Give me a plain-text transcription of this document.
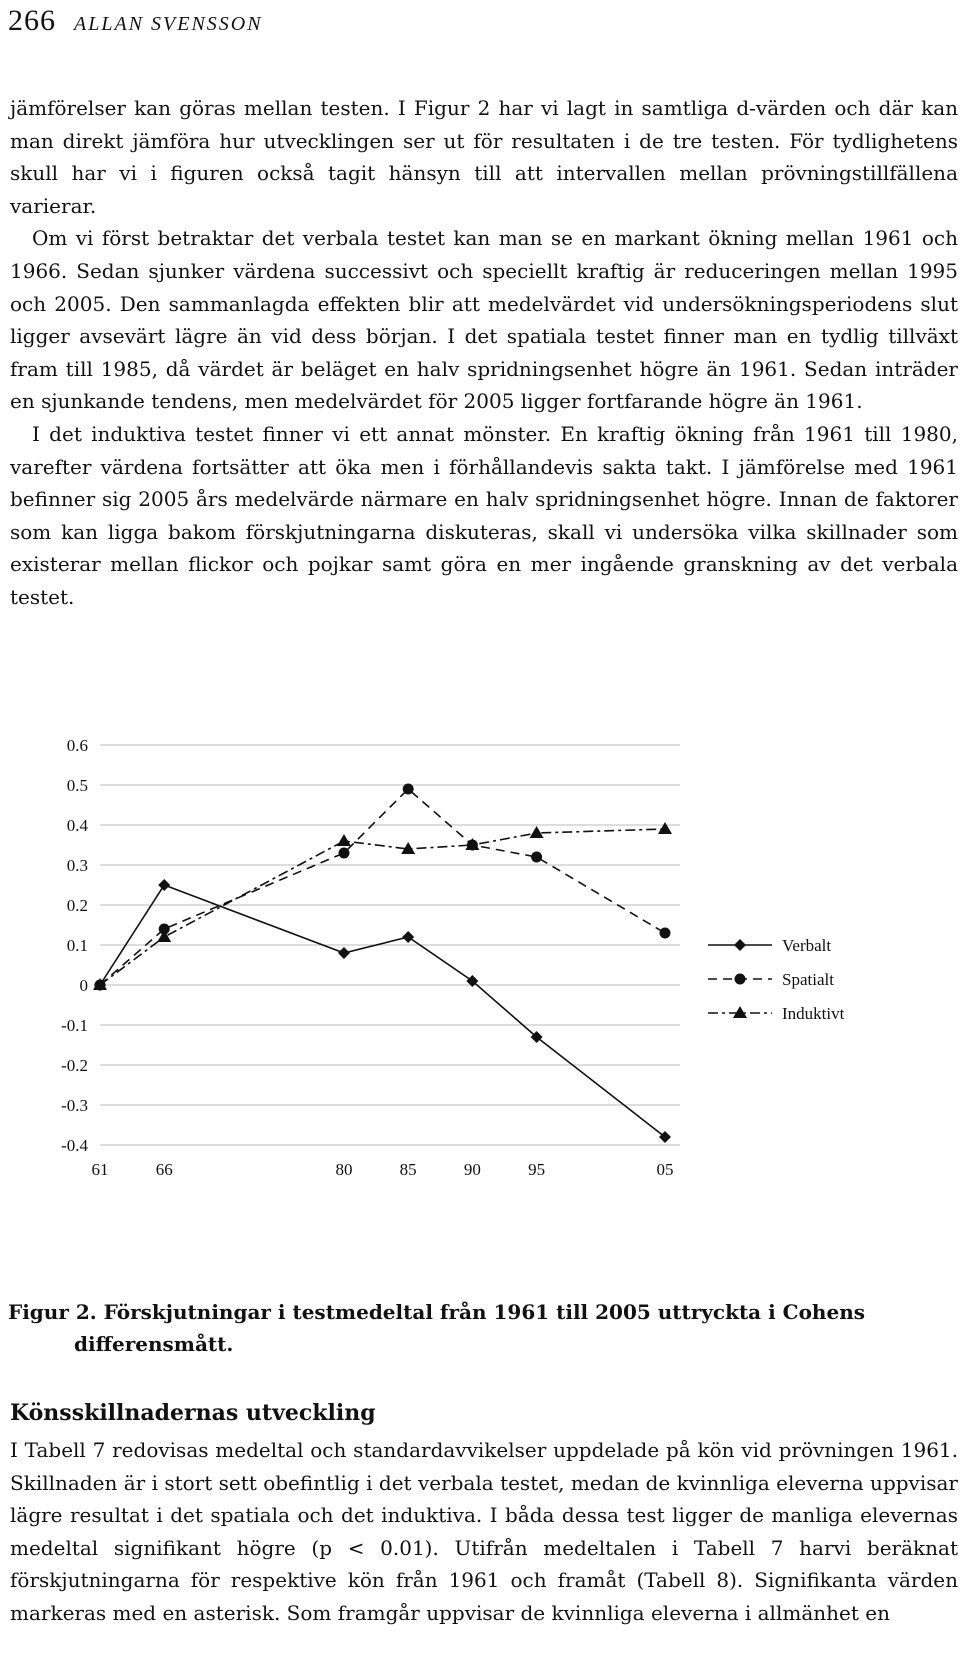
266 ALLAN SVENSSON

jämförelser kan göras mellan testen. I Figur 2 har vi lagt in samtliga d-värden och där kan man direkt jämföra hur utvecklingen ser ut för resultaten i de tre testen. För tydlighetens skull har vi i figuren också tagit hänsyn till att intervallen mellan prövningstillfällena varierar.

Om vi först betraktar det verbala testet kan man se en markant ökning mellan 1961 och 1966. Sedan sjunker värdena successivt och speciellt kraftig är reduceringen mellan 1995 och 2005. Den sammanlagda effekten blir att medelvärdet vid undersökningsperiodens slut ligger avsevärt lägre än vid dess början. I det spatiala testet finner man en tydlig tillväxt fram till 1985, då värdet är beläget en halv spridningsenhet högre än 1961. Sedan inträder en sjunkande tendens, men medelvärdet för 2005 ligger fortfarande högre än 1961.

I det induktiva testet finner vi ett annat mönster. En kraftig ökning från 1961 till 1980, varefter värdena fortsätter att öka men i förhållandevis sakta takt. I jämförelse med 1961 befinner sig 2005 års medelvärde närmare en halv spridningsenhet högre. Innan de faktorer som kan ligga bakom förskjutningarna diskuteras, skall vi undersöka vilka skillnader som existerar mellan flickor och pojkar samt göra en mer ingående granskning av det verbala testet.

0.6
0.5
0.4
0.3
0.2
0.1
0
-0.1
-0.2
-0.3
-0.4
61	66	80	85	90	95	05
Verbalt
Spatialt
Induktivt
Figur 2. Förskjutningar i testmedeltal från 1961 till 2005 uttryckta i Cohens
differensmått.
Könsskillnadernas utveckling

I Tabell 7 redovisas medeltal och standardavvikelser uppdelade på kön vid prövningen 1961. Skillnaden är i stort sett obefintlig i det verbala testet, medan de kvinnliga eleverna uppvisar lägre resultat i det spatiala och det induktiva. I båda dessa test ligger de manliga elevernas medeltal signifikant högre (p < 0.01). Utifrån medeltalen i Tabell 7 harvi beräknat förskjutningarna för respektive kön från 1961 och framåt (Tabell 8). Signifikanta värden markeras med en asterisk. Som framgår uppvisar de kvinnliga eleverna i allmänhet en
